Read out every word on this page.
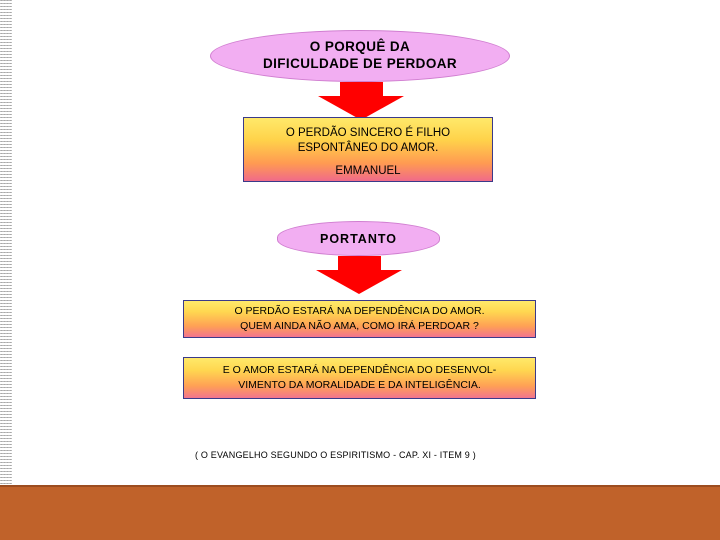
O PORQUÊ DA
DIFICULDADE DE PERDOAR
O PERDÃO SINCERO É FILHO
ESPONTÂNEO DO AMOR.
EMMANUEL
PORTANTO
O PERDÃO ESTARÁ NA DEPENDÊNCIA DO AMOR.
QUEM AINDA NÃO AMA, COMO IRÁ PERDOAR ?
E O AMOR ESTARÁ NA DEPENDÊNCIA DO DESENVOL-
VIMENTO DA MORALIDADE E DA INTELIGÊNCIA.
( O EVANGELHO SEGUNDO O ESPIRITISMO - CAP. XI - ITEM 9 )
